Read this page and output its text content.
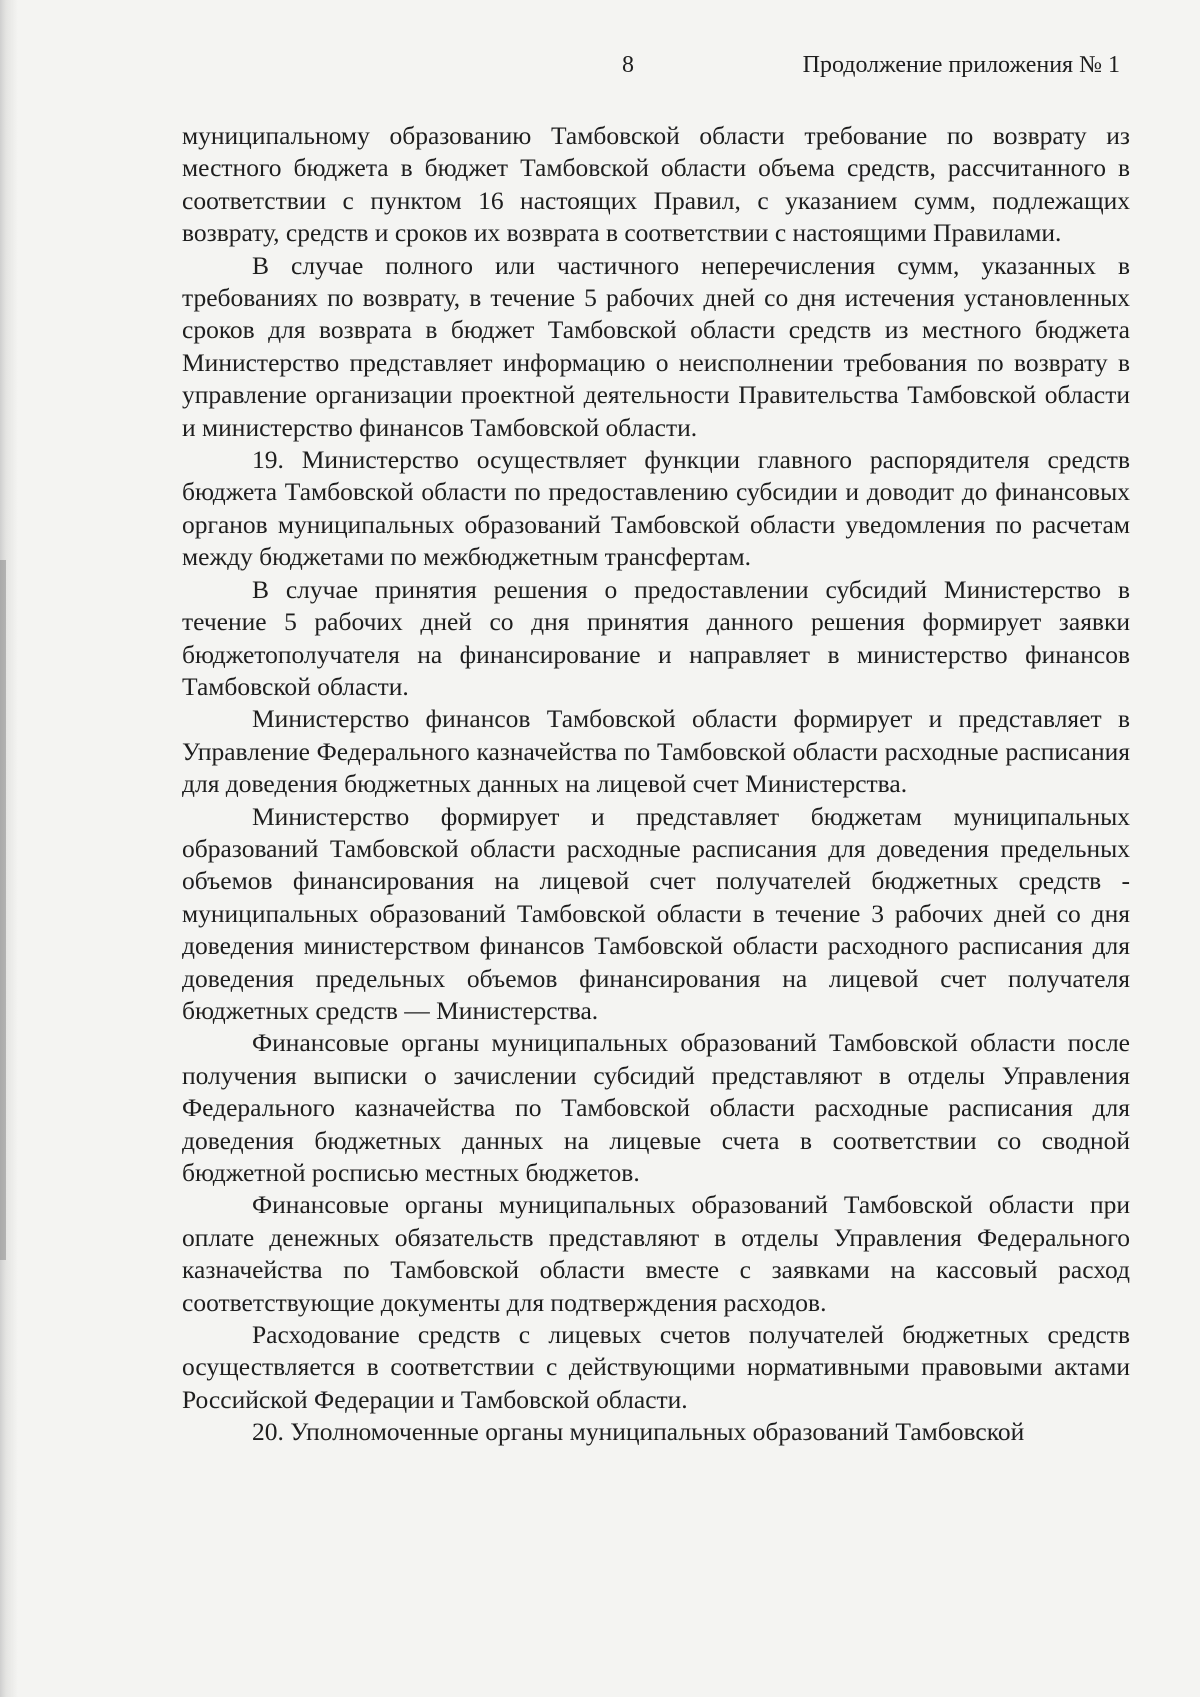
8	Продолжение приложения № 1

муниципальному образованию Тамбовской области требование по возврату из местного бюджета в бюджет Тамбовской области объема средств, рассчитанного в соответствии с пунктом 16 настоящих Правил, с указанием сумм, подлежащих возврату, средств и сроков их возврата в соответствии с настоящими Правилами.

В случае полного или частичного неперечисления сумм, указанных в требованиях по возврату, в течение 5 рабочих дней со дня истечения установленных сроков для возврата в бюджет Тамбовской области средств из местного бюджета Министерство представляет информацию о неисполнении требования по возврату в управление организации проектной деятельности Правительства Тамбовской области и министерство финансов Тамбовской области.

19. Министерство осуществляет функции главного распорядителя средств бюджета Тамбовской области по предоставлению субсидии и доводит до финансовых органов муниципальных образований Тамбовской области уведомления по расчетам между бюджетами по межбюджетным трансфертам.

В случае принятия решения о предоставлении субсидий Министерство в течение 5 рабочих дней со дня принятия данного решения формирует заявки бюджетополучателя на финансирование и направляет в министерство финансов Тамбовской области.

Министерство финансов Тамбовской области формирует и представляет в Управление Федерального казначейства по Тамбовской области расходные расписания для доведения бюджетных данных на лицевой счет Министерства.

Министерство формирует и представляет бюджетам муниципальных образований Тамбовской области расходные расписания для доведения предельных объемов финансирования на лицевой счет получателей бюджетных средств - муниципальных образований Тамбовской области в течение 3 рабочих дней со дня доведения министерством финансов Тамбовской области расходного расписания для доведения предельных объемов финансирования на лицевой счет получателя бюджетных средств — Министерства.

Финансовые органы муниципальных образований Тамбовской области после получения выписки о зачислении субсидий представляют в отделы Управления Федерального казначейства по Тамбовской области расходные расписания для доведения бюджетных данных на лицевые счета в соответствии со сводной бюджетной росписью местных бюджетов.

Финансовые органы муниципальных образований Тамбовской области при оплате денежных обязательств представляют в отделы Управления Федерального казначейства по Тамбовской области вместе с заявками на кассовый расход соответствующие документы для подтверждения расходов.

Расходование средств с лицевых счетов получателей бюджетных средств осуществляется в соответствии с действующими нормативными правовыми актами Российской Федерации и Тамбовской области.

20. Уполномоченные органы муниципальных образований Тамбовской
